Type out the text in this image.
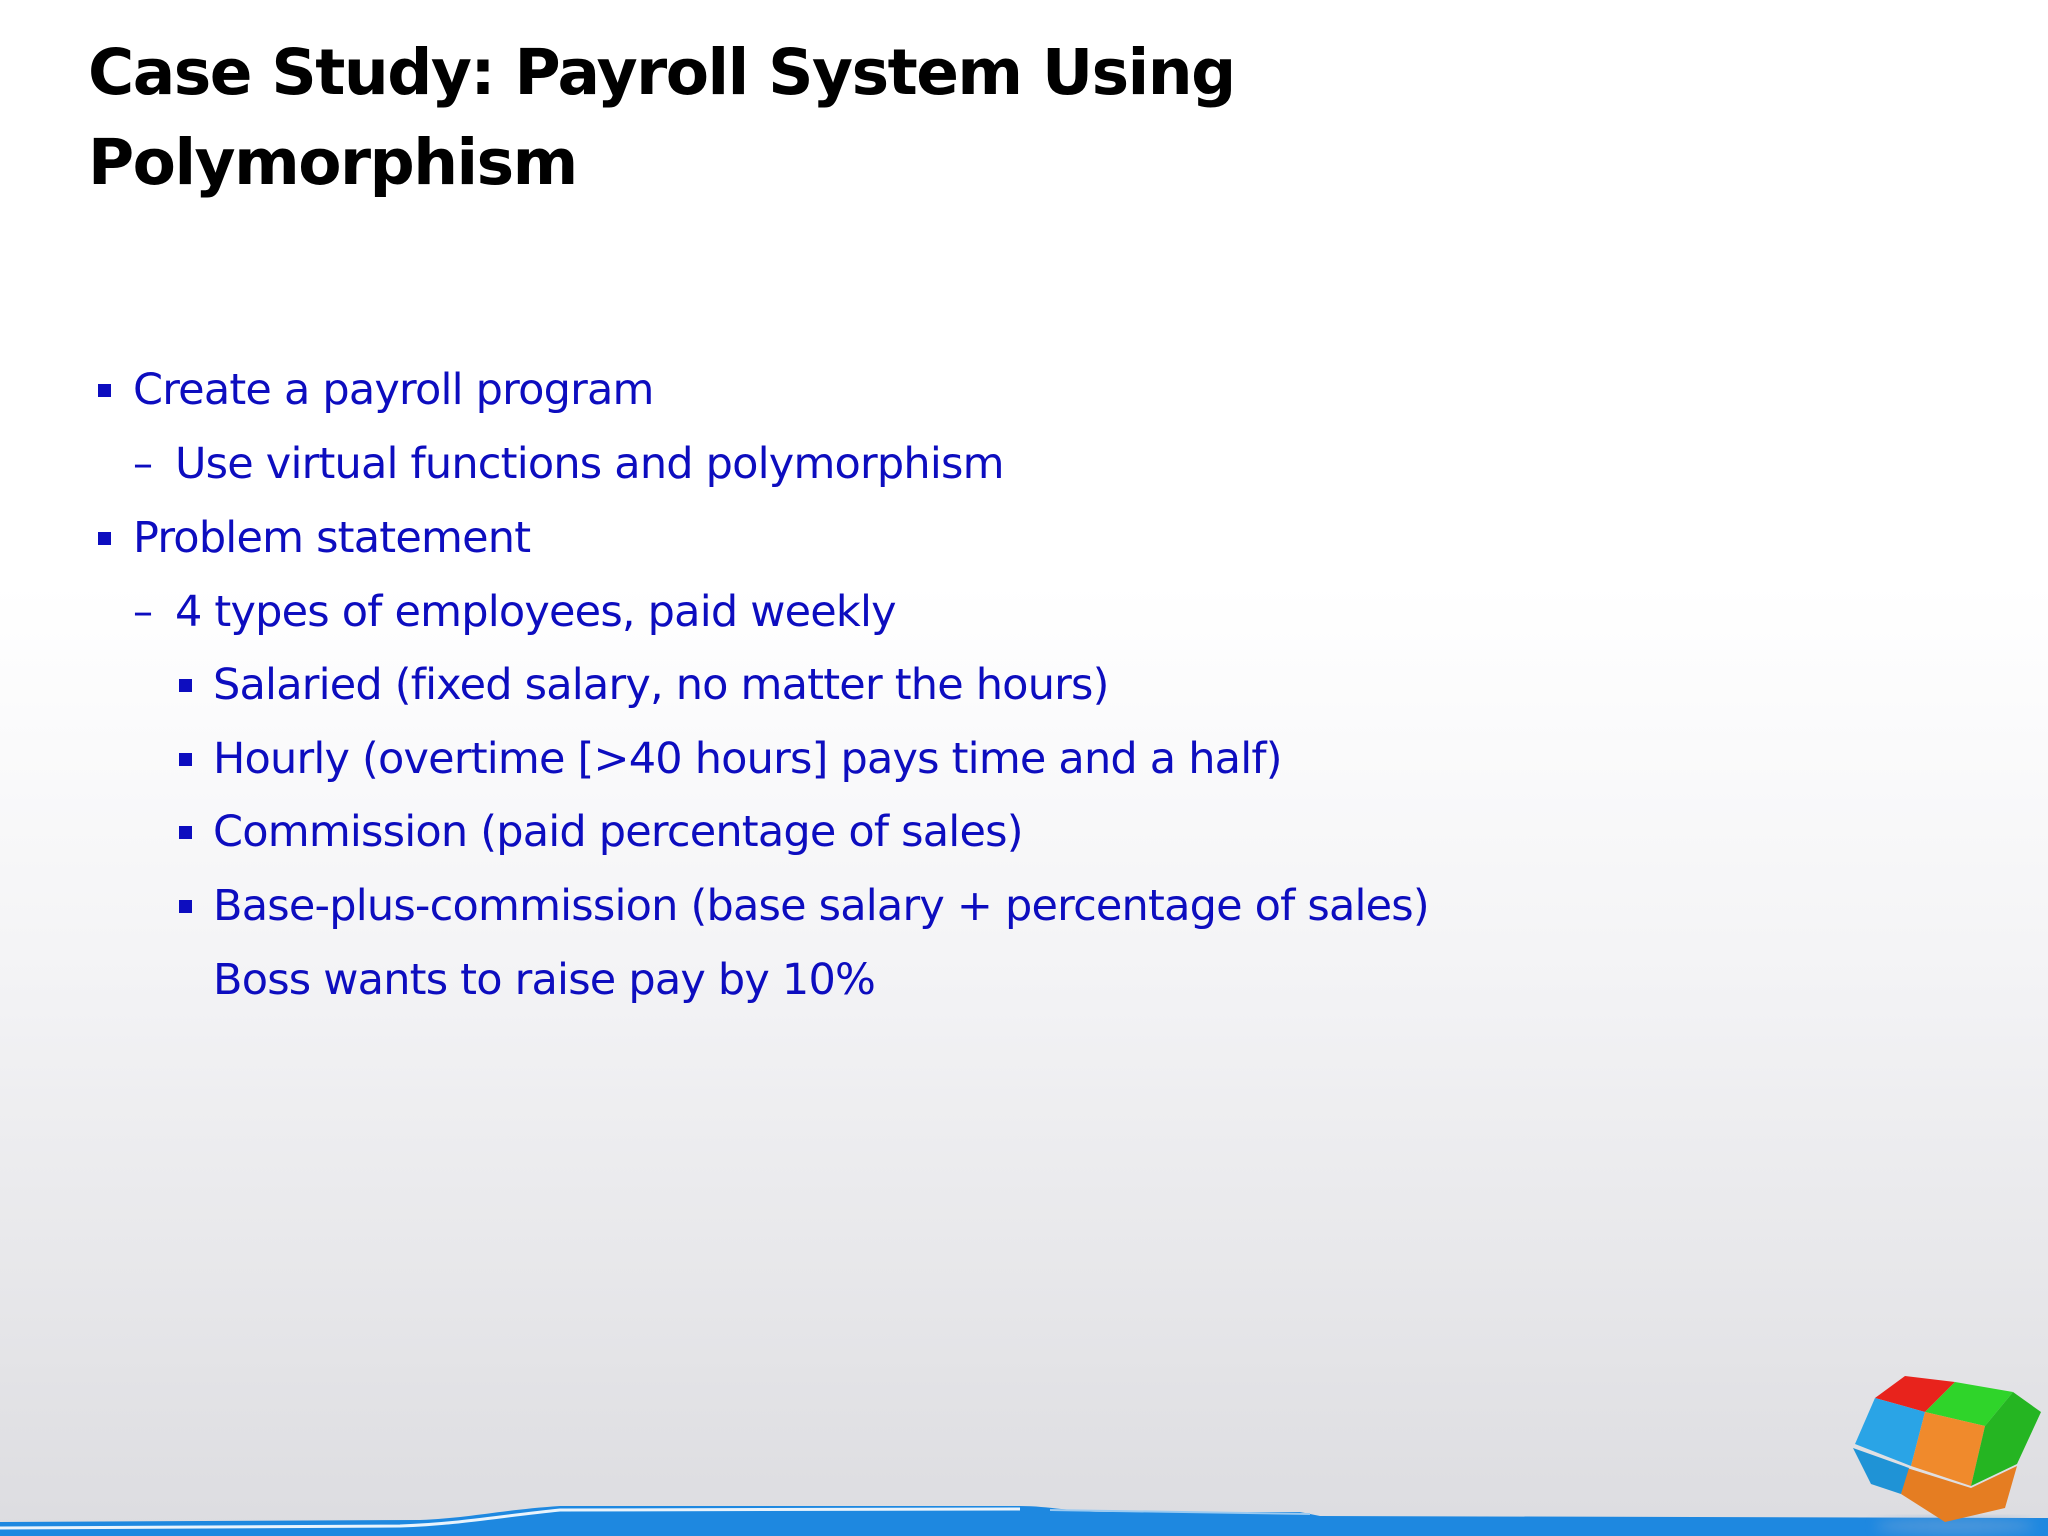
Case Study: Payroll System Using
Polymorphism
Create a payroll program
– Use virtual functions and polymorphism
Problem statement
– 4 types of employees, paid weekly
Salaried (fixed salary, no matter the hours)
Hourly (overtime [>40 hours] pays time and a half)
Commission (paid percentage of sales)
Base-plus-commission (base salary + percentage of sales)
Boss wants to raise pay by 10%
